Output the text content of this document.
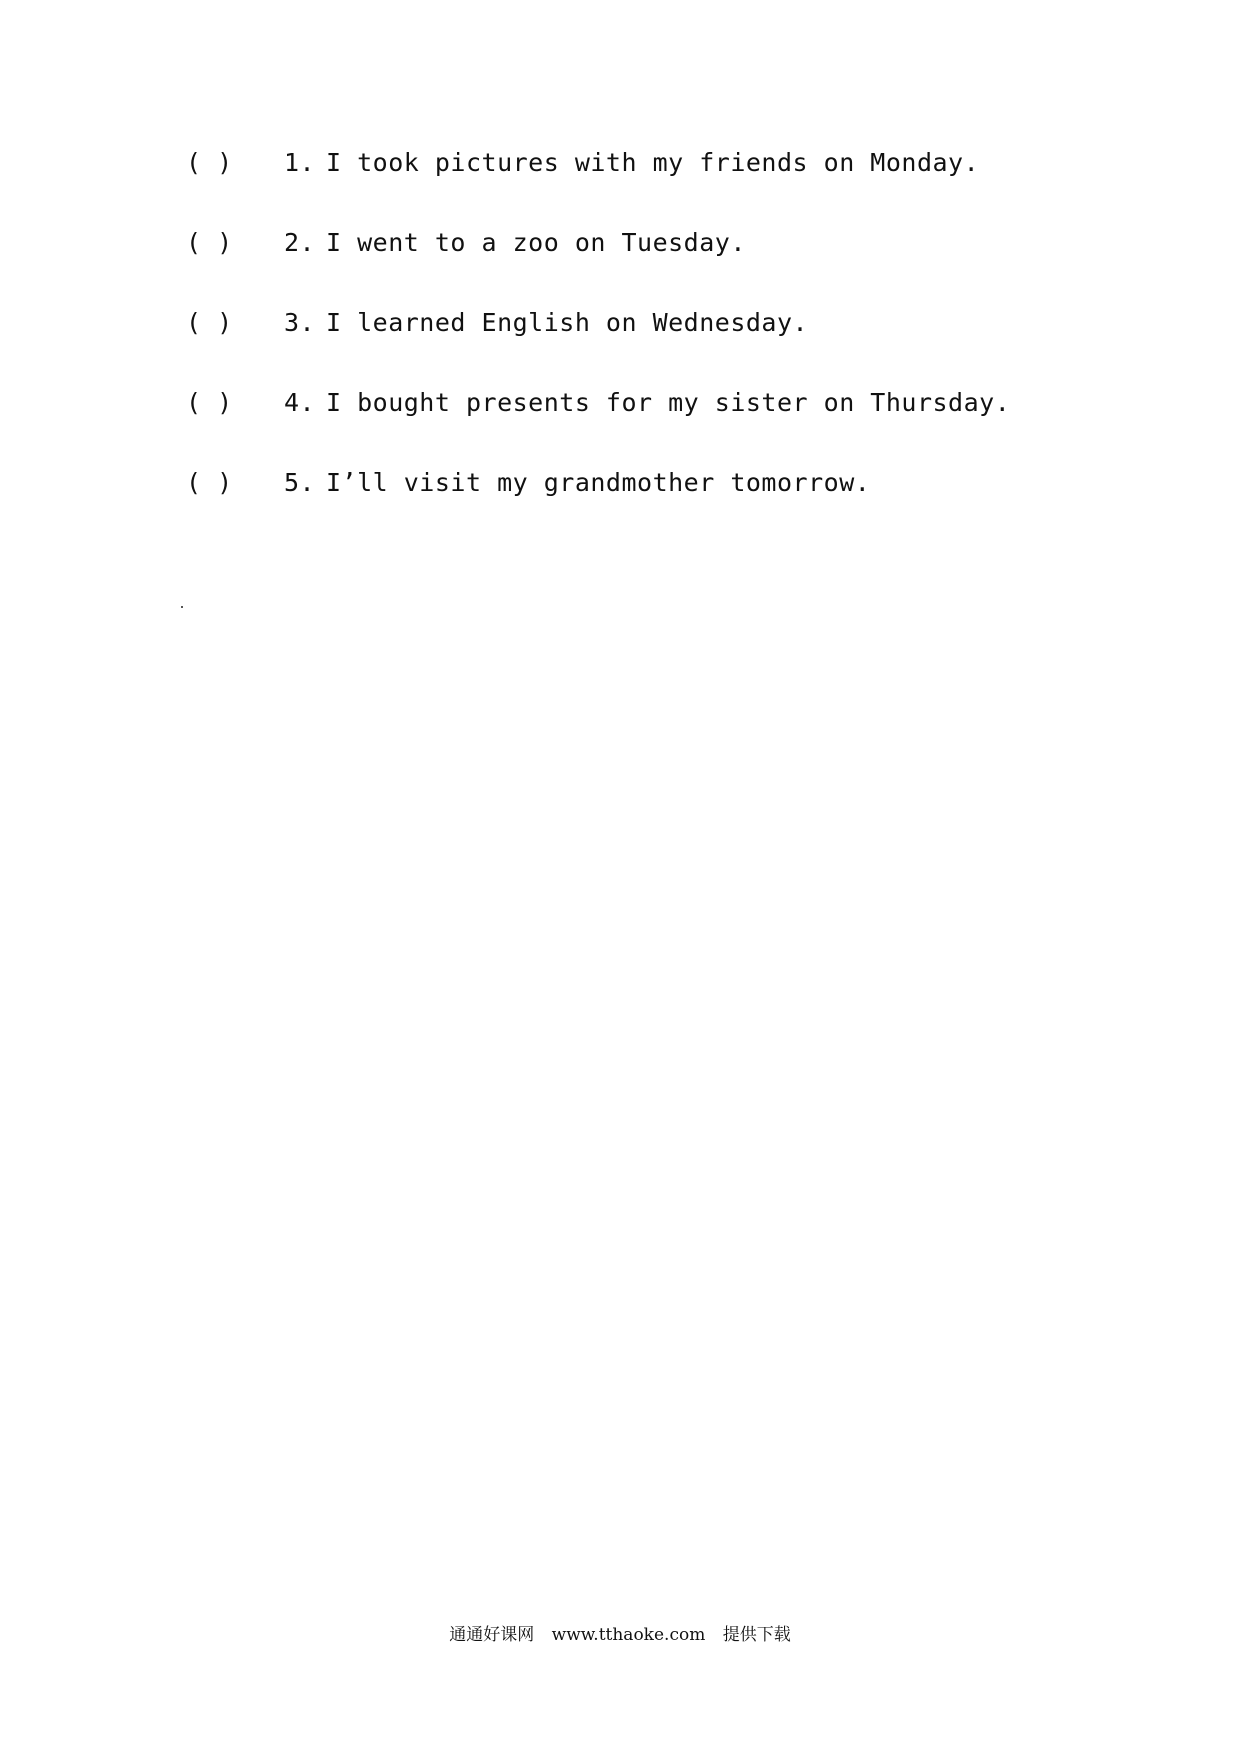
( )	1. I took pictures with my friends on Monday.
( )	2. I went to a zoo on Tuesday.
( )	3. I learned English on Wednesday.
( )	4. I bought presents for my sister on Thursday.
( )	5. I’ll visit my grandmother tomorrow.
通通好课网 www.tthaoke.com 提供下载
